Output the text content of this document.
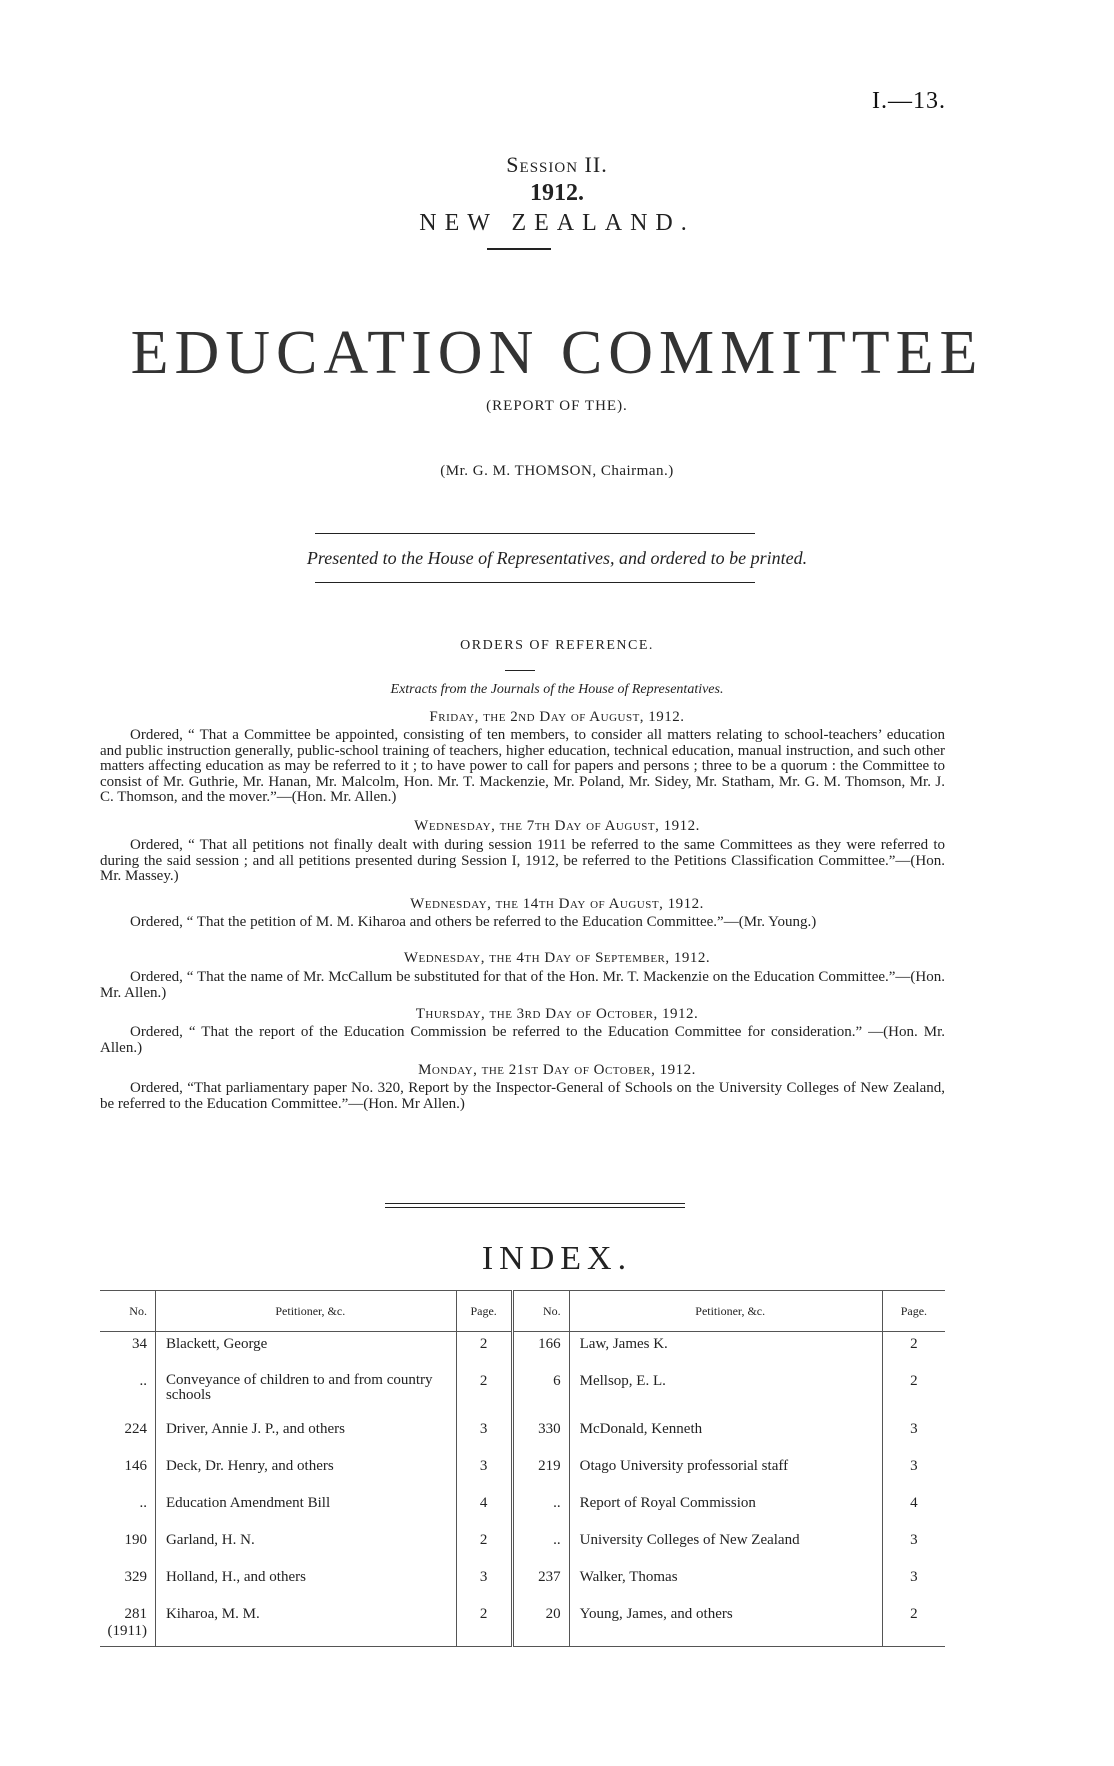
I.—13.
Session II.
1912.
NEW ZEALAND.
EDUCATION COMMITTEE
(REPORT OF THE).
(Mr. G. M. THOMSON, Chairman.)
Presented to the House of Representatives, and ordered to be printed.
ORDERS OF REFERENCE.
Extracts from the Journals of the House of Representatives.
Friday, the 2nd Day of August, 1912.

Ordered, “ That a Committee be appointed, consisting of ten members, to consider all matters relating to school-teachers’ education and public instruction generally, public-school training of teachers, higher education, technical education, manual instruction, and such other matters affecting education as may be referred to it ; to have power to call for papers and persons ; three to be a quorum : the Committee to consist of Mr. Guthrie, Mr. Hanan, Mr. Malcolm, Hon. Mr. T. Mackenzie, Mr. Poland, Mr. Sidey, Mr. Statham, Mr. G. M. Thomson, Mr. J. C. Thomson, and the mover.”—(Hon. Mr. Allen.)

Wednesday, the 7th Day of August, 1912.

Ordered, “ That all petitions not finally dealt with during session 1911 be referred to the same Committees as they were referred to during the said session ; and all petitions presented during Session I, 1912, be referred to the Petitions Classification Committee.”—(Hon. Mr. Massey.)

Wednesday, the 14th Day of August, 1912.

Ordered, “ That the petition of M. M. Kiharoa and others be referred to the Education Committee.”—(Mr. Young.)

Wednesday, the 4th Day of September, 1912.

Ordered, “ That the name of Mr. McCallum be substituted for that of the Hon. Mr. T. Mackenzie on the Education Committee.”—(Hon. Mr. Allen.)

Thursday, the 3rd Day of October, 1912.

Ordered, “ That the report of the Education Commission be referred to the Education Committee for consideration.” —(Hon. Mr. Allen.)

Monday, the 21st Day of October, 1912.

Ordered, “That parliamentary paper No. 320, Report by the Inspector-General of Schools on the University Colleges of New Zealand, be referred to the Education Committee.”—(Hon. Mr Allen.)

INDEX.
No.	Petitioner, &c.	Page.	No.	Petitioner, &c.	Page.
34	Blackett, George	2	166	Law, James K.	2
..	Conveyance of children to and from country schools	2	6	Mellsop, E. L.	2
224	Driver, Annie J. P., and others	3	330	McDonald, Kenneth	3
146	Deck, Dr. Henry, and others	3	219	Otago University professorial staff	3
..	Education Amendment Bill	4	..	Report of Royal Commission	4
190	Garland, H. N.	2	..	University Colleges of New Zealand	3
329	Holland, H., and others	3	237	Walker, Thomas	3
281 (1911)	Kiharoa, M. M.	2	20	Young, James, and others	2
